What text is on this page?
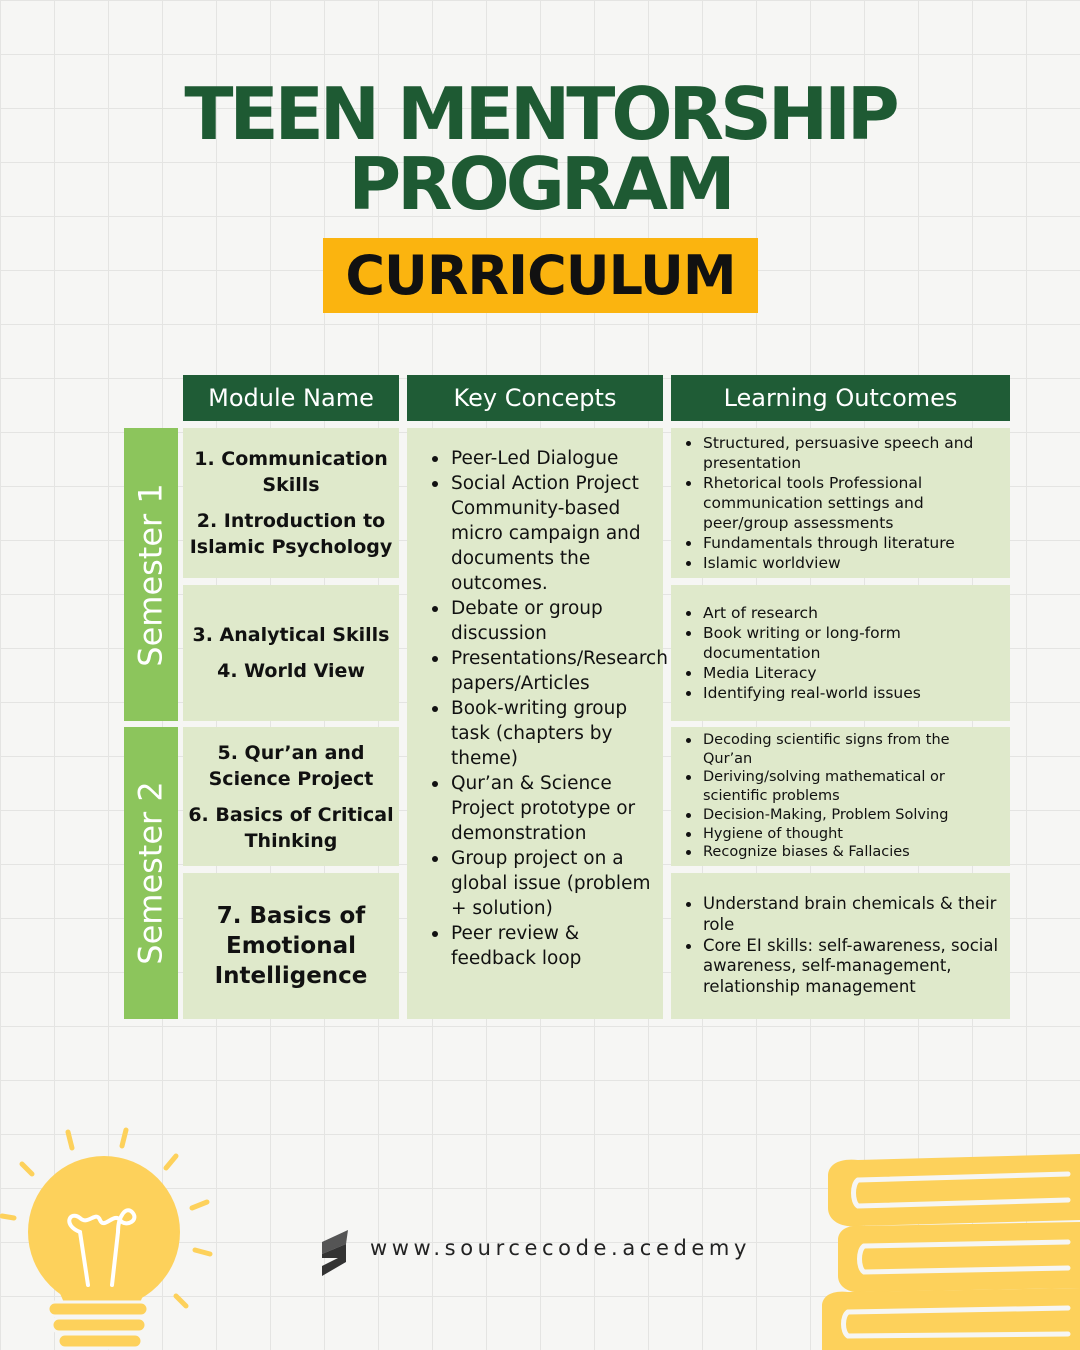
TEEN MENTORSHIP
PROGRAM
CURRICULUM
Module Name	Key Concepts	Learning Outcomes
Semester 1
Semester 2

1. Communication Skills

2. Introduction to Islamic Psychology

3. Analytical Skills

4. World View

5. Qur’an and Science Project

6. Basics of Critical Thinking

7. Basics of Emotional Intelligence

Peer-Led Dialogue
Social Action Project Community-based micro campaign and documents the outcomes.
Debate or group discussion
Presentations/Research papers/Articles
Book-writing group task (chapters by theme)
Qur’an & Science Project prototype or demonstration
Group project on a global issue (problem + solution)
Peer review & feedback loop
Structured, persuasive speech and presentation
Rhetorical tools Professional communication settings and peer/group assessments
Fundamentals through literature
Islamic worldview
Art of research
Book writing or long-form documentation
Media Literacy
Identifying real-world issues
Decoding scientific signs from the Qur’an
Deriving/solving mathematical or scientific problems
Decision-Making, Problem Solving
Hygiene of thought
Recognize biases & Fallacies
Understand brain chemicals & their role
Core EI skills: self-awareness, social awareness, self-management, relationship management
www.sourcecode.acedemy
